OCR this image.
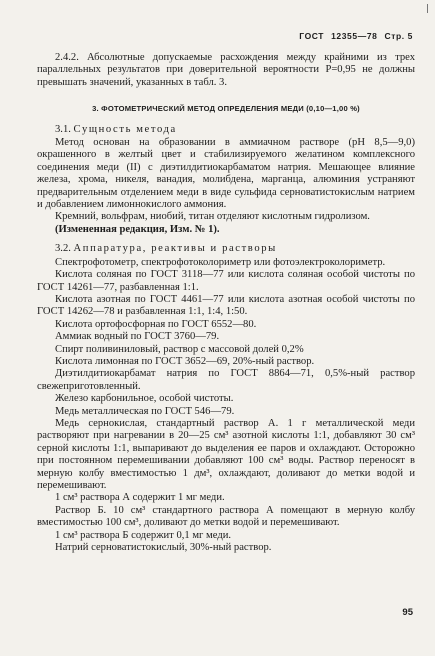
ГОСТ 12355—78 Стр. 5

2.4.2. Абсолютные допускаемые расхождения между крайними из трех параллельных результатов при доверительной вероятности P=0,95 не должны превышать значений, указанных в табл. 3.

3. ФОТОМЕТРИЧЕСКИЙ МЕТОД ОПРЕДЕЛЕНИЯ МЕДИ (0,10—1,00 %)
3.1. Сущность метода

Метод основан на образовании в аммиачном растворе (pH 8,5—9,0) окрашенного в желтый цвет и стабилизируемого желатином комплексного соединения меди (II) с диэтилдитиокарбаматом натрия. Мешающее влияние железа, хрома, никеля, ванадия, молибдена, марганца, алюминия устраняют предварительным отделением меди в виде сульфида серноватистокислым натрием и добавлением лимоннокислого аммония.

Кремний, вольфрам, ниобий, титан отделяют кислотным гидролизом.

(Измененная редакция, Изм. № 1).

3.2. Аппаратура, реактивы и растворы

Спектрофотометр, спектрофотоколориметр или фотоэлектроколориметр.

Кислота соляная по ГОСТ 3118—77 или кислота соляная особой чистоты по ГОСТ 14261—77, разбавленная 1:1.

Кислота азотная по ГОСТ 4461—77 или кислота азотная особой чистоты по ГОСТ 14262—78 и разбавленная 1:1, 1:4, 1:50.

Кислота ортофосфорная по ГОСТ 6552—80.

Аммиак водный по ГОСТ 3760—79.

Спирт поливиниловый, раствор с массовой долей 0,2%

Кислота лимонная по ГОСТ 3652—69, 20%-ный раствор.

Диэтилдитиокарбамат натрия по ГОСТ 8864—71, 0,5%-ный раствор свежеприготовленный.

Железо карбонильное, особой чистоты.

Медь металлическая по ГОСТ 546—79.

Медь сернокислая, стандартный раствор А. 1 г металлической меди растворяют при нагревании в 20—25 см³ азотной кислоты 1:1, добавляют 30 см³ серной кислоты 1:1, выпаривают до выделения ее паров и охлаждают. Осторожно при постоянном перемешивании добавляют 100 см³ воды. Раствор переносят в мерную колбу вместимостью 1 дм³, охлаждают, доливают до метки водой и перемешивают.

1 см³ раствора А содержит 1 мг меди.

Раствор Б. 10 см³ стандартного раствора А помещают в мерную колбу вместимостью 100 см³, доливают до метки водой и перемешивают.

1 см³ раствора Б содержит 0,1 мг меди.

Натрий серноватистокислый, 30%-ный раствор.

95
